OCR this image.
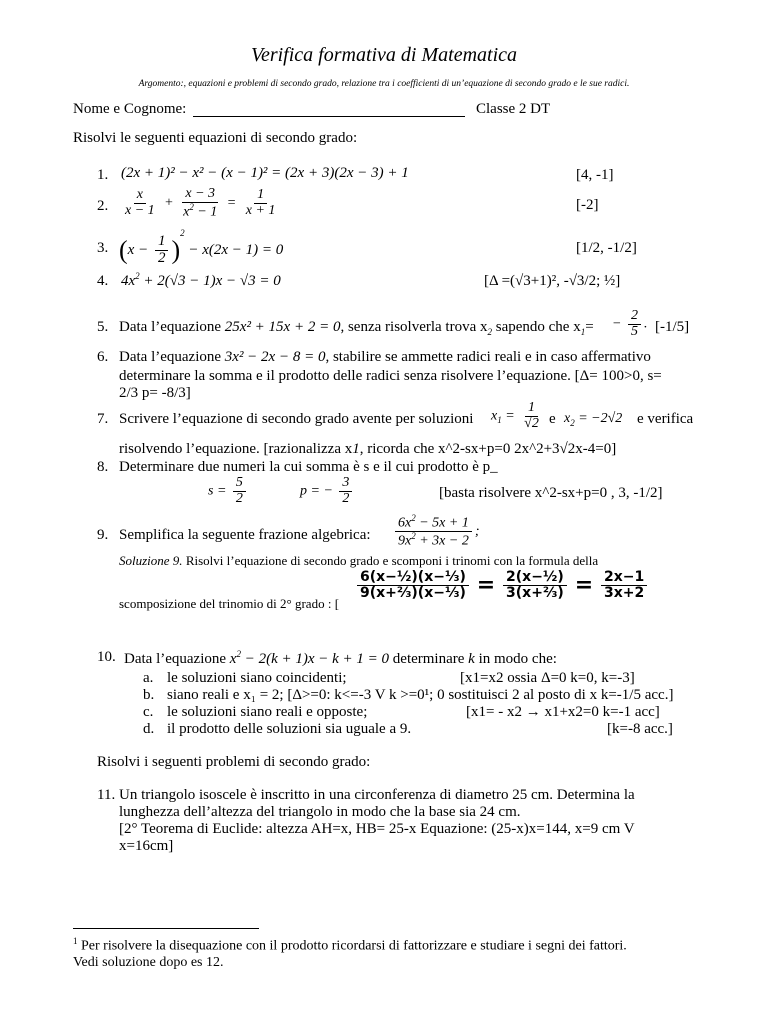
Verifica formativa di Matematica
Argomento:, equazioni e problemi di secondo grado, relazione tra i coefficienti di un’equazione di secondo grado e le sue radici.
Nome e Cognome:	Classe 2 DT
Risolvi le seguenti equazioni di secondo grado:
1. (2x + 1)² − x² − (x − 1)² = (2x + 3)(2x − 3) + 1	[4, -1]
2. $\frac{x}{x - 1} + \frac{x - 3}{x^2 - 1} = \frac{1}{x + 1}$	[-2]
3. $(x - \frac{1}{2} )^2 - x(2x - 1) = 0$	[1/2, -1/2]
4. $4x^2 + 2(√3 - 1)x - √3 = 0$	[Δ =(√3+1)², -√3/2; ½]
5. Data l’equazione 25x² + 15x + 2 = 0, senza risolverla trova $x_2$ sapendo che $x_1= - \frac{2}{5}$ . [-1/5]
6. Data l’equazione 3x² − 2x − 8 = 0, stabilire se ammette radici reali e in caso affermativo
determinare la somma e il prodotto delle radici senza risolvere l’equazione. [Δ= 100>0, s=
2/3 p= -8/3]
7. Scrivere l’equazione di secondo grado avente per soluzioni $x_1 = \frac{1}{√2}$ e $x_2 = -2√2$ e verifica
risolvendo l’equazione. [razionalizza x1, ricorda che x^2-sx+p=0 2x^2+3√2x-4=0]
8. Determinare due numeri la cui somma è s e il cui prodotto è p_
$s = \frac{5}{2}$	p = − $\frac{3}{2}$	[basta risolvere x^2-sx+p=0 , 3, -1/2]
9. Semplifica la seguente frazione algebrica: $\frac{6x^2 - 5x + 1}{9x^2 + 3x - 2}$ ;
Soluzione 9. Risolvi l’equazione di secondo grado e scomponi i trinomi con la formula della
scomposizione del trinomio di 2° grado : [
$\frac{\text{6(x−½)(x−⅓)}}{\text{9(x+⅔)(x−⅓)}} = \frac{\text{2(x−½)}}{\text{3(x+⅔)}} = \frac{2x-1}{3x+2}$
10. Data l’equazione $x^2 - 2(k + 1)x - k + 1 = 0$ determinare k in modo che:
a. le soluzioni siano coincidenti;	[x1=x2 ossia Δ=0 k=0, k=-3]
b. siano reali e x₁ = 2; [Δ>=0: k<=-3 V k >=0¹; 0 sostituisci 2 al posto di x k=-1/5 acc.]
c. le soluzioni siano reali e opposte;	[x1= - x2 → x1+x2=0 k=-1 acc]
d. il prodotto delle soluzioni sia uguale a 9.	[k=-8 acc.]
Risolvi i seguenti problemi di secondo grado:
11. Un triangolo isoscele è inscritto in una circonferenza di diametro 25 cm. Determina la
lunghezza dell’altezza del triangolo in modo che la base sia 24 cm.
[2° Teorema di Euclide: altezza AH=x, HB= 25-x Equazione: (25-x)x=144, x=9 cm V
x=16cm]
$^1$ Per risolvere la disequazione con il prodotto ricordarsi di fattorizzare e studiare i segni dei fattori.
Vedi soluzione dopo es 12.
